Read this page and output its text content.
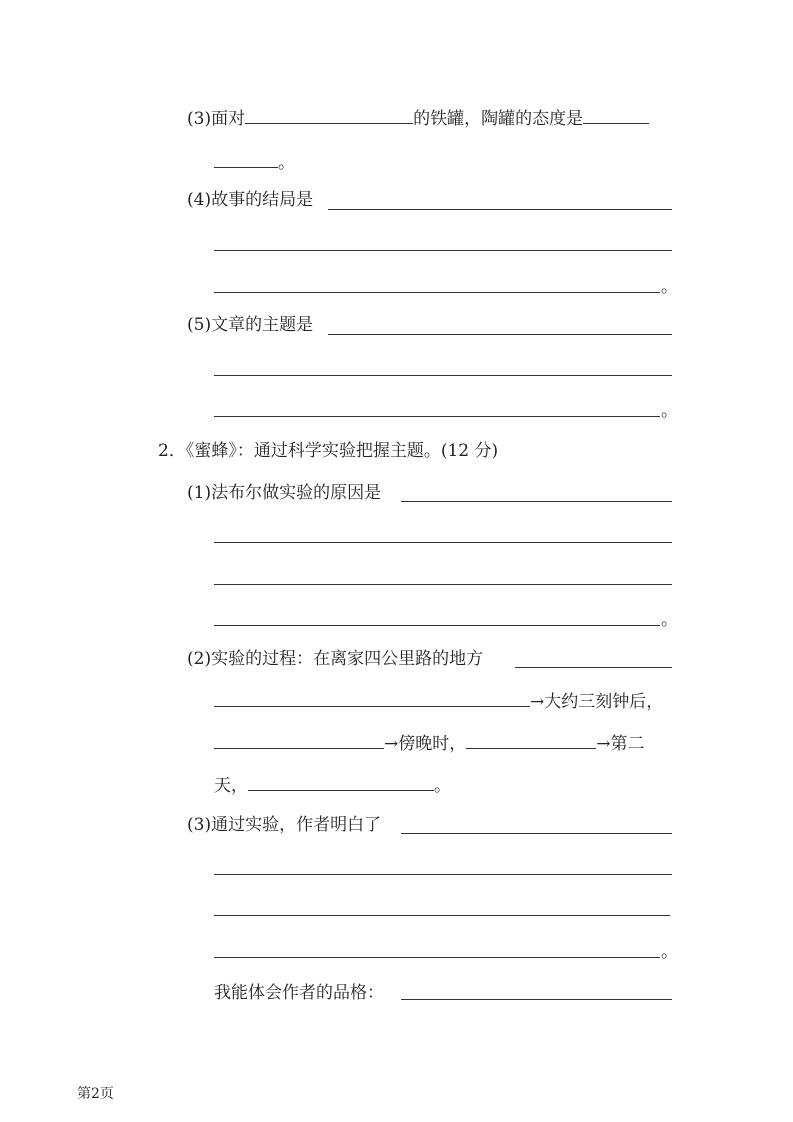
(3)面对	的铁罐，陶罐的态度是
。
(4)故事的结局是
。
(5)文章的主题是
。
2．《蜜蜂》：通过科学实验把握主题。(12 分)
(1)法布尔做实验的原因是
。
(2)实验的过程：在离家四公里路的地方
→大约三刻钟后，
→傍晚时，	→第二
天，	。
(3)通过实验，作者明白了
。
我能体会作者的品格：
第2页
